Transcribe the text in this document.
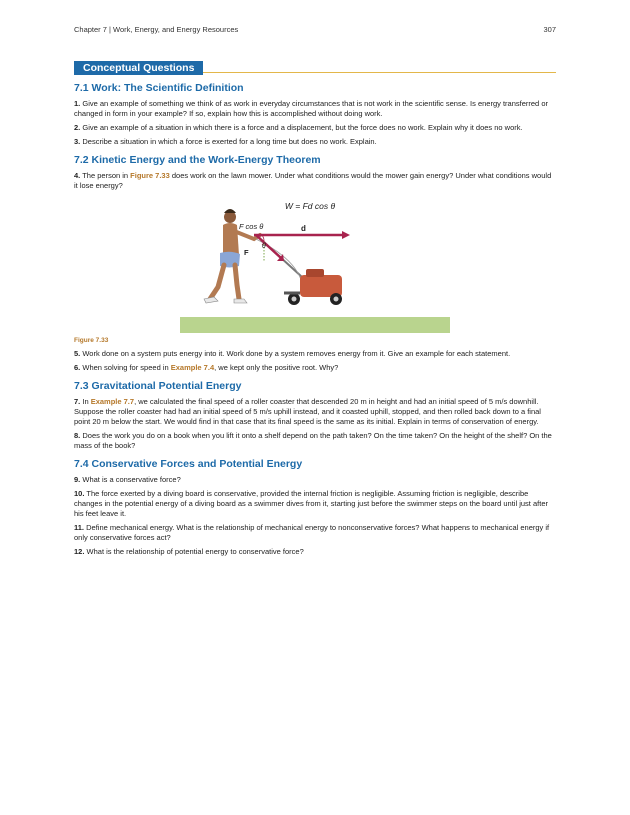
Chapter 7 | Work, Energy, and Energy Resources	307
Conceptual Questions
7.1 Work: The Scientific Definition

1. Give an example of something we think of as work in everyday circumstances that is not work in the scientific sense. Is energy transferred or changed in form in your example? If so, explain how this is accomplished without doing work.

2. Give an example of a situation in which there is a force and a displacement, but the force does no work. Explain why it does no work.

3. Describe a situation in which a force is exerted for a long time but does no work. Explain.

7.2 Kinetic Energy and the Work-Energy Theorem

4. The person in Figure 7.33 does work on the lawn mower. Under what conditions would the mower gain energy? Under what conditions would it lose energy?

W = Fd cos θ
F cos θ	d
F
θ

Figure 7.33

5. Work done on a system puts energy into it. Work done by a system removes energy from it. Give an example for each statement.

6. When solving for speed in Example 7.4, we kept only the positive root. Why?

7.3 Gravitational Potential Energy

7. In Example 7.7, we calculated the final speed of a roller coaster that descended 20 m in height and had an initial speed of 5 m/s downhill. Suppose the roller coaster had had an initial speed of 5 m/s uphill instead, and it coasted uphill, stopped, and then rolled back down to a final point 20 m below the start. We would find in that case that its final speed is the same as its initial. Explain in terms of conservation of energy.

8. Does the work you do on a book when you lift it onto a shelf depend on the path taken? On the time taken? On the height of the shelf? On the mass of the book?

7.4 Conservative Forces and Potential Energy

9. What is a conservative force?

10. The force exerted by a diving board is conservative, provided the internal friction is negligible. Assuming friction is negligible, describe changes in the potential energy of a diving board as a swimmer dives from it, starting just before the swimmer steps on the board until just after his feet leave it.

11. Define mechanical energy. What is the relationship of mechanical energy to nonconservative forces? What happens to mechanical energy if only conservative forces act?

12. What is the relationship of potential energy to conservative force?
